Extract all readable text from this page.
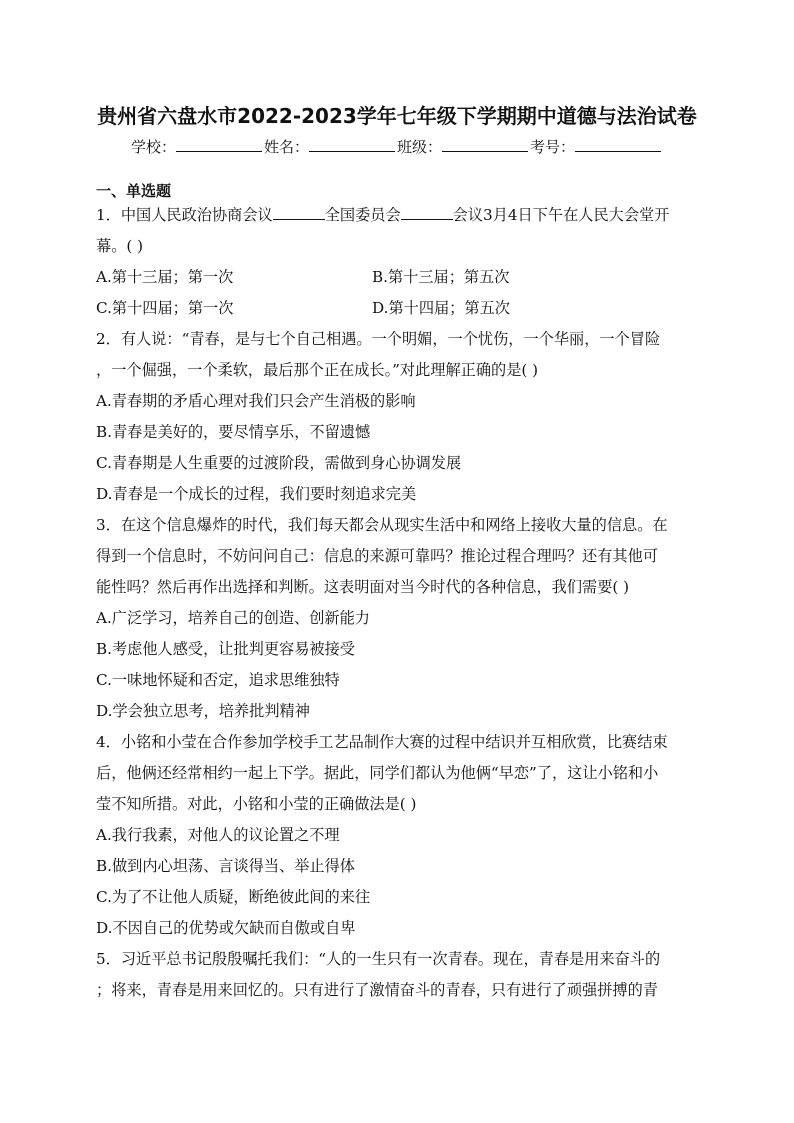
贵州省六盘水市2022-2023学年七年级下学期期中道德与法治试卷
学校：	姓名：	班级：	考号：
一、单选题
1．中国人民政治协商会议	全国委员会	会议3月4日下午在人民大会堂开
幕。( )
A.第十三届；第一次	B.第十三届；第五次
C.第十四届；第一次	D.第十四届；第五次
2．有人说：“青春，是与七个自己相遇。一个明媚，一个忧伤，一个华丽，一个冒险
，一个倔强，一个柔软，最后那个正在成长。”对此理解正确的是( )
A.青春期的矛盾心理对我们只会产生消极的影响
B.青春是美好的，要尽情享乐，不留遗憾
C.青春期是人生重要的过渡阶段，需做到身心协调发展
D.青春是一个成长的过程，我们要时刻追求完美
3．在这个信息爆炸的时代，我们每天都会从现实生活中和网络上接收大量的信息。在
得到一个信息时，不妨问问自己：信息的来源可靠吗？推论过程合理吗？还有其他可
能性吗？然后再作出选择和判断。这表明面对当今时代的各种信息，我们需要( )
A.广泛学习，培养自己的创造、创新能力
B.考虑他人感受，让批判更容易被接受
C.一味地怀疑和否定，追求思维独特
D.学会独立思考，培养批判精神
4．小铭和小莹在合作参加学校手工艺品制作大赛的过程中结识并互相欣赏，比赛结束
后，他俩还经常相约一起上下学。据此，同学们都认为他俩“早恋”了，这让小铭和小
莹不知所措。对此，小铭和小莹的正确做法是( )
A.我行我素，对他人的议论置之不理
B.做到内心坦荡、言谈得当、举止得体
C.为了不让他人质疑，断绝彼此间的来往
D.不因自己的优势或欠缺而自傲或自卑
5．习近平总书记殷殷嘱托我们：“人的一生只有一次青春。现在，青春是用来奋斗的
；将来，青春是用来回忆的。只有进行了激情奋斗的青春，只有进行了顽强拼搏的青
